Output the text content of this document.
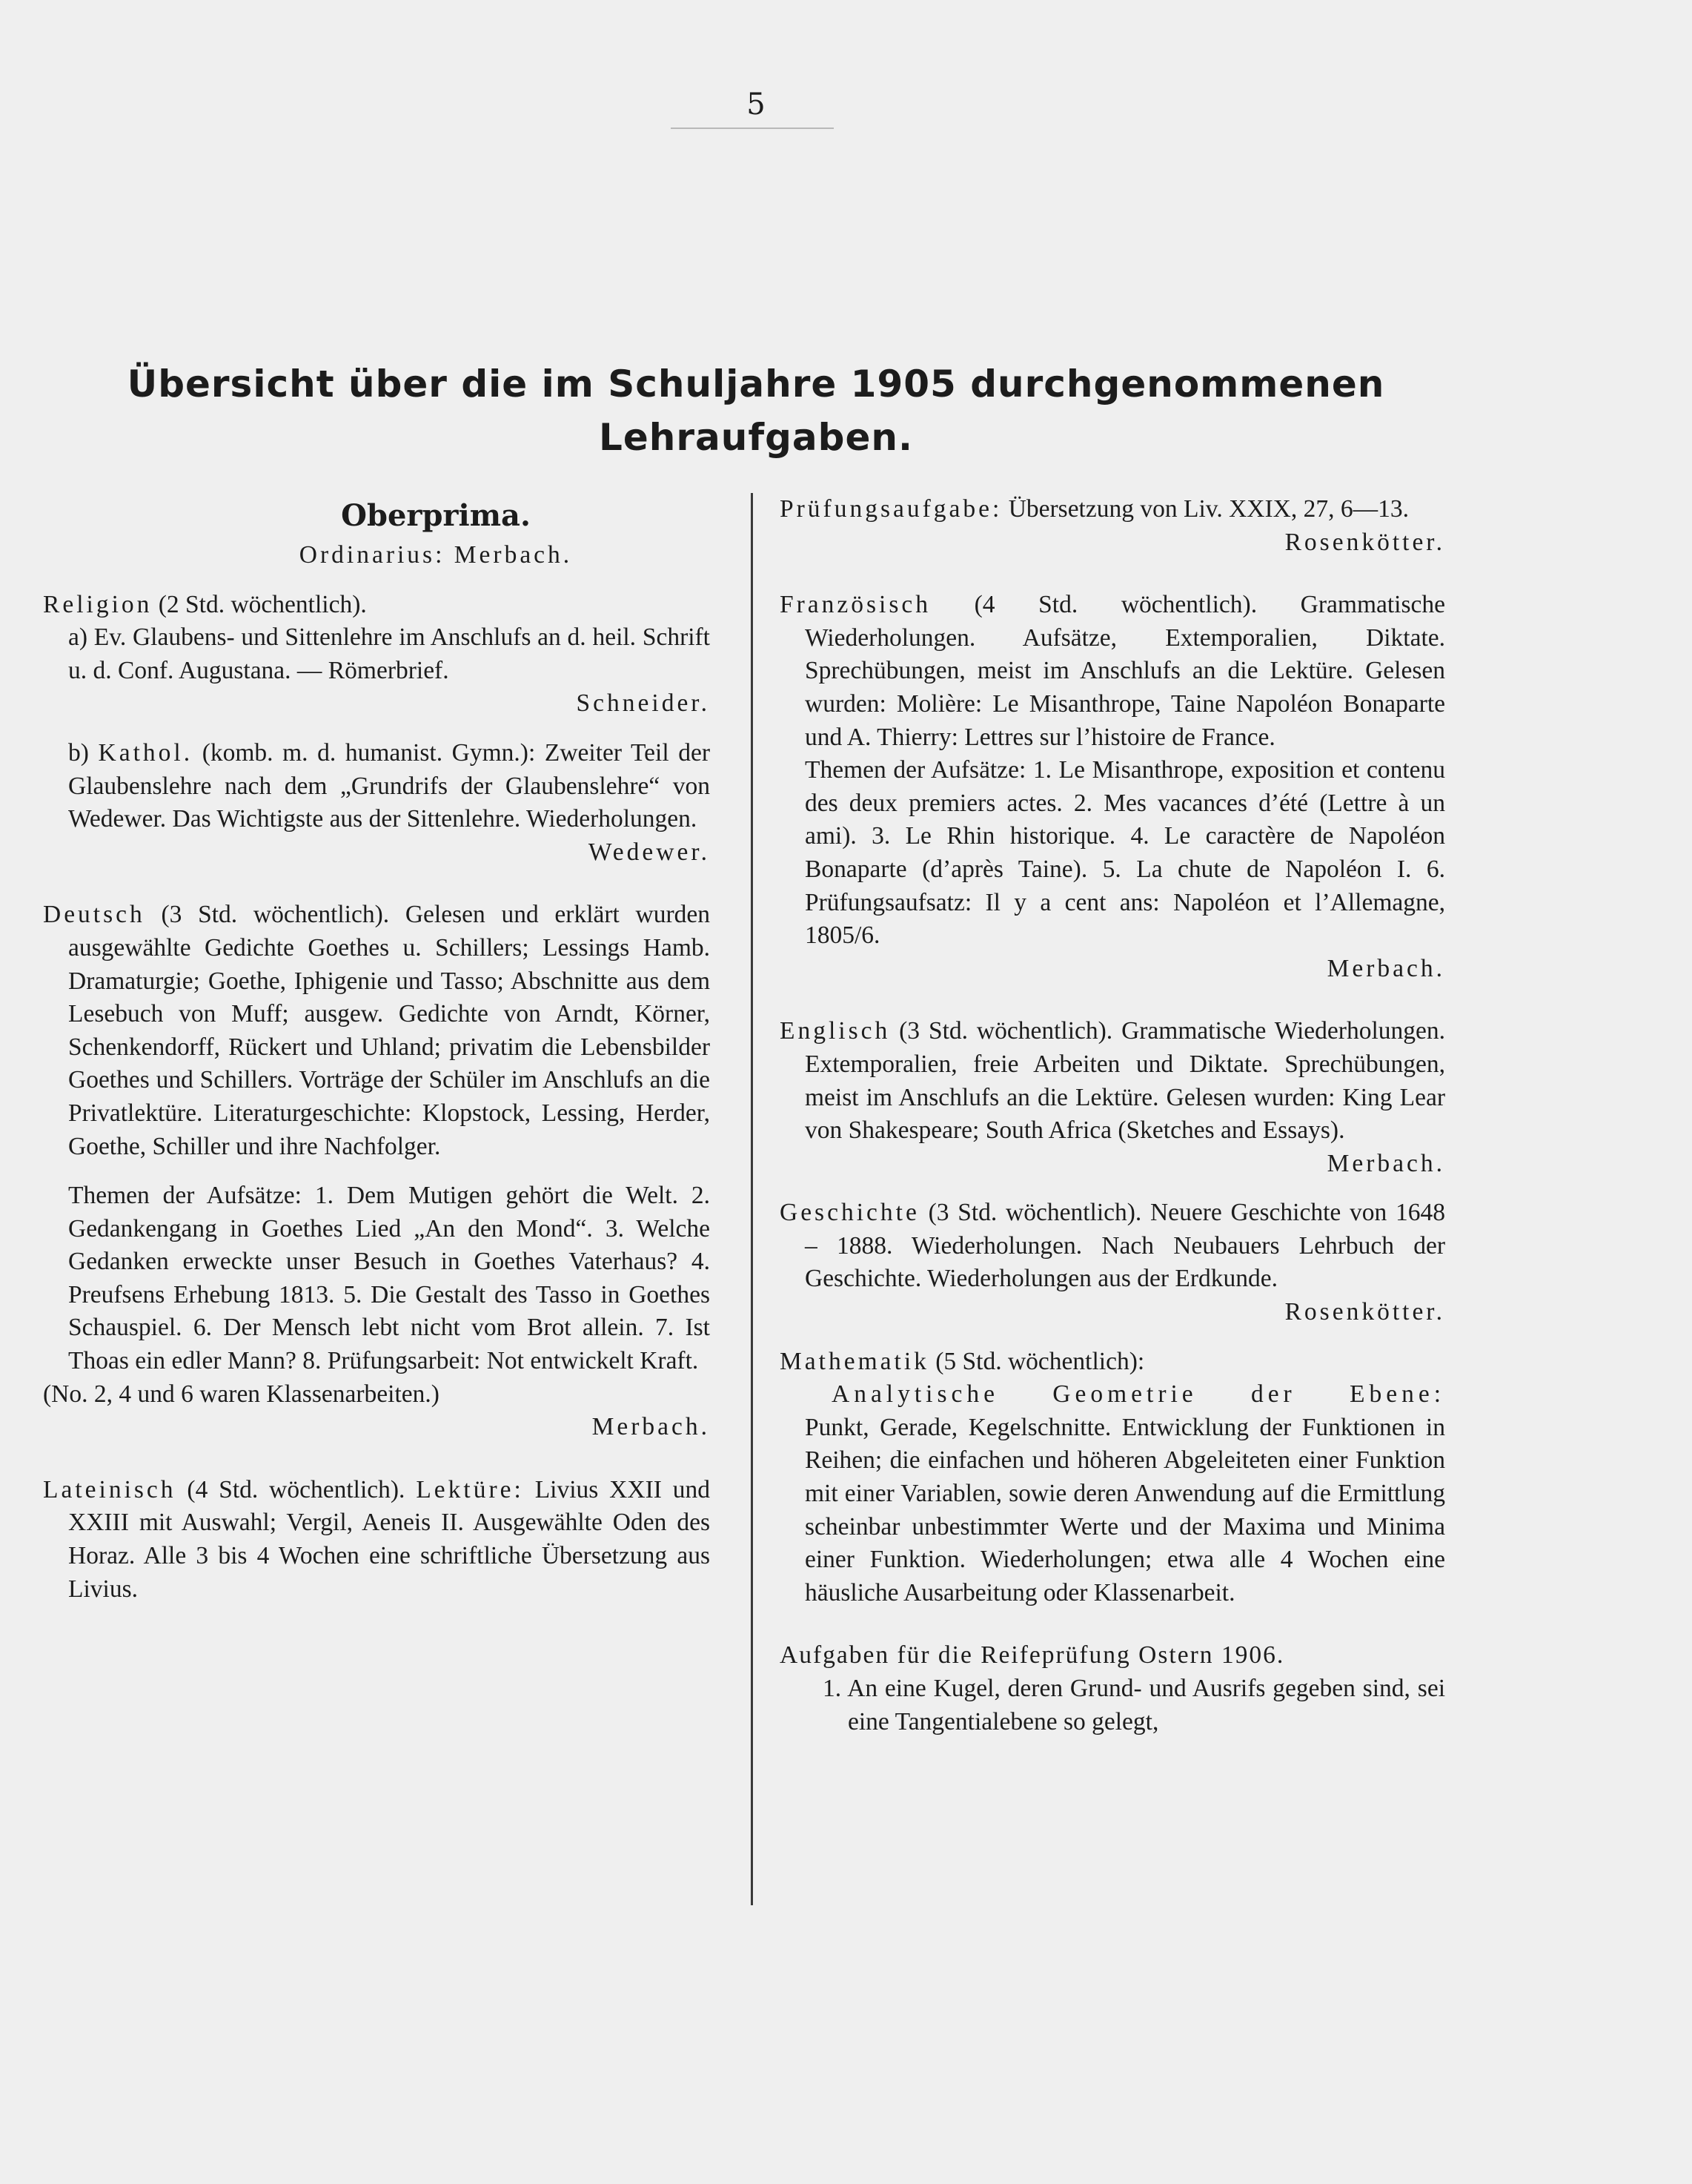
5
Übersicht über die im Schuljahre 1905 durchgenommenen Lehraufgaben.
Oberprima.

Ordinarius: Merbach.

Religion (2 Std. wöchentlich).

a) Ev. Glaubens- und Sittenlehre im Anschlufs an d. heil. Schrift u. d. Conf. Augustana. — Römerbrief.

Schneider.

b) Kathol. (komb. m. d. humanist. Gymn.): Zweiter Teil der Glaubenslehre nach dem „Grundrifs der Glaubenslehre“ von Wedewer. Das Wichtigste aus der Sittenlehre. Wiederholungen.

Wedewer.

Deutsch (3 Std. wöchentlich). Gelesen und erklärt wurden ausgewählte Gedichte Goethes u. Schillers; Lessings Hamb. Dramaturgie; Goethe, Iphigenie und Tasso; Abschnitte aus dem Lesebuch von Muff; ausgew. Gedichte von Arndt, Körner, Schenkendorff, Rückert und Uhland; privatim die Lebensbilder Goethes und Schillers. Vorträge der Schüler im Anschlufs an die Privatlektüre. Literaturgeschichte: Klopstock, Lessing, Herder, Goethe, Schiller und ihre Nachfolger.

Themen der Aufsätze: 1. Dem Mutigen gehört die Welt. 2. Gedankengang in Goethes Lied „An den Mond“. 3. Welche Gedanken erweckte unser Besuch in Goethes Vaterhaus? 4. Preufsens Erhebung 1813. 5. Die Gestalt des Tasso in Goethes Schauspiel. 6. Der Mensch lebt nicht vom Brot allein. 7. Ist Thoas ein edler Mann? 8. Prüfungsarbeit: Not entwickelt Kraft.

(No. 2, 4 und 6 waren Klassenarbeiten.)

Merbach.

Lateinisch (4 Std. wöchentlich). Lektüre: Livius XXII und XXIII mit Auswahl; Vergil, Aeneis II. Ausgewählte Oden des Horaz. Alle 3 bis 4 Wochen eine schriftliche Übersetzung aus Livius.

Prüfungsaufgabe: Übersetzung von Liv. XXIX, 27, 6—13.

Rosenkötter.

Französisch (4 Std. wöchentlich). Grammatische Wiederholungen. Aufsätze, Extemporalien, Diktate. Sprechübungen, meist im Anschlufs an die Lektüre. Gelesen wurden: Molière: Le Misanthrope, Taine Napoléon Bonaparte und A. Thierry: Lettres sur l’histoire de France.

Themen der Aufsätze: 1. Le Misanthrope, exposition et contenu des deux premiers actes. 2. Mes vacances d’été (Lettre à un ami). 3. Le Rhin historique. 4. Le caractère de Napoléon Bonaparte (d’après Taine). 5. La chute de Napoléon I. 6. Prüfungsaufsatz: Il y a cent ans: Napoléon et l’Allemagne, 1805/6.

Merbach.

Englisch (3 Std. wöchentlich). Grammatische Wiederholungen. Extemporalien, freie Arbeiten und Diktate. Sprechübungen, meist im Anschlufs an die Lektüre. Gelesen wurden: King Lear von Shakespeare; South Africa (Sketches and Essays).

Merbach.

Geschichte (3 Std. wöchentlich). Neuere Geschichte von 1648 – 1888. Wiederholungen. Nach Neubauers Lehrbuch der Geschichte. Wiederholungen aus der Erdkunde.

Rosenkötter.

Mathematik (5 Std. wöchentlich):

Analytische Geometrie der Ebene:

Punkt, Gerade, Kegelschnitte. Entwicklung der Funktionen in Reihen; die einfachen und höheren Abgeleiteten einer Funktion mit einer Variablen, sowie deren Anwendung auf die Ermittlung scheinbar unbestimmter Werte und der Maxima und Minima einer Funktion. Wiederholungen; etwa alle 4 Wochen eine häusliche Ausarbeitung oder Klassenarbeit.

Aufgaben für die Reifeprüfung Ostern 1906.

1. An eine Kugel, deren Grund- und Ausrifs gegeben sind, sei eine Tangentialebene so gelegt,
